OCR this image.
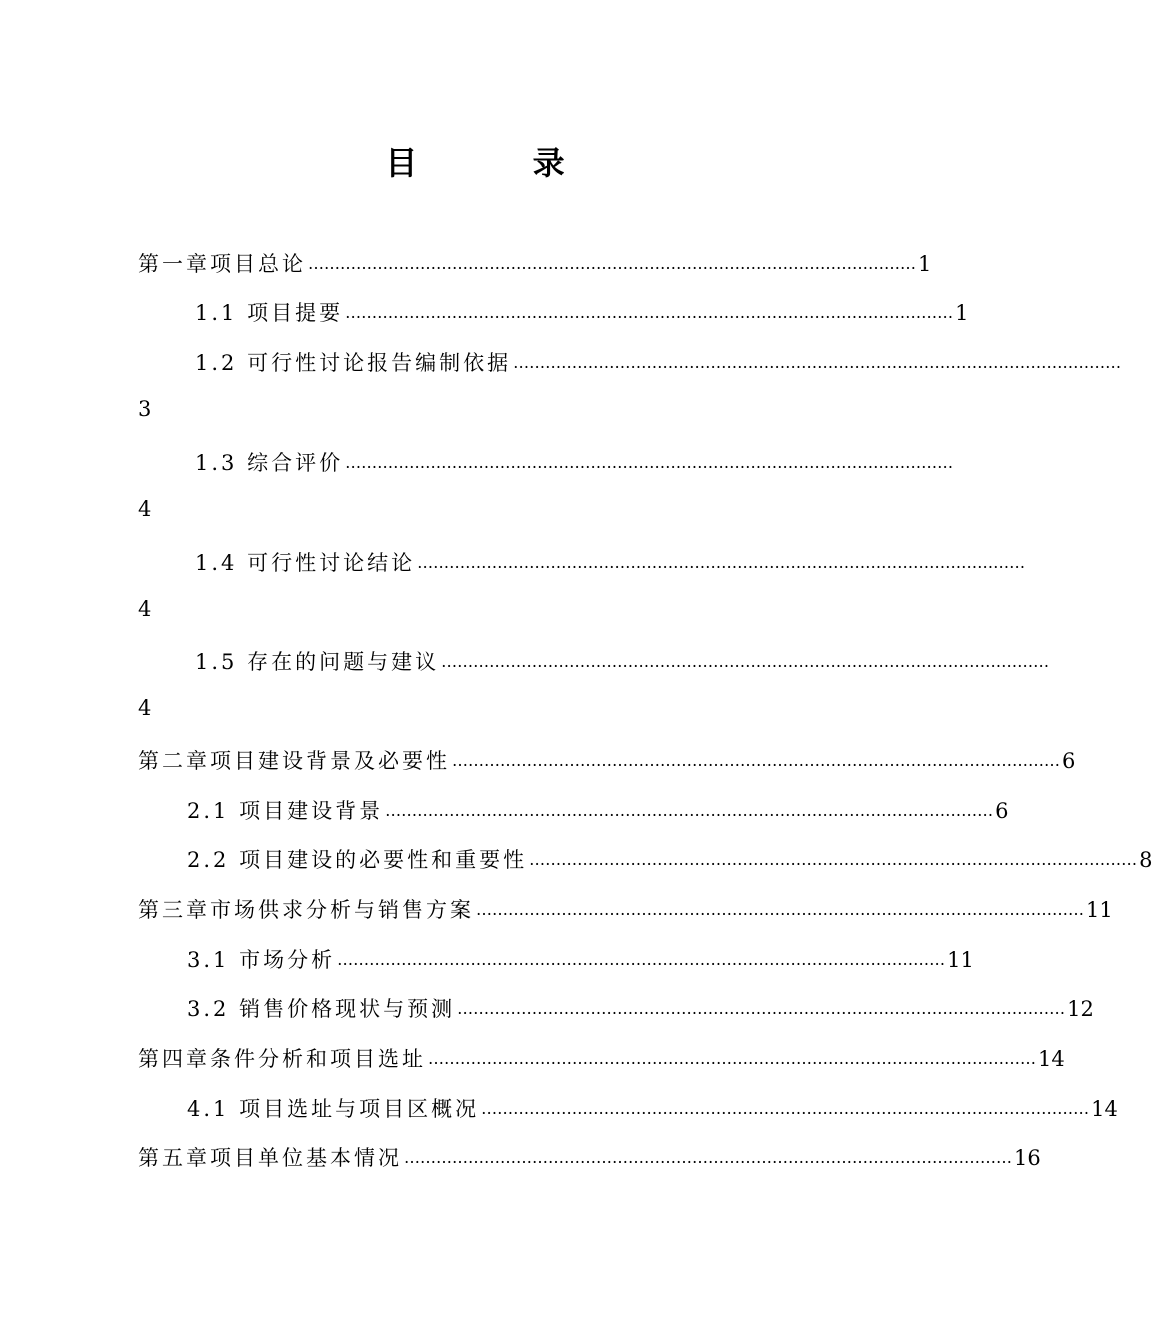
目 录
第一章 项目总论 …………………………………………………………………………………………………… 1
1.1 项目提要 …………………………………………………………………………………………………… 1
1.2 可行性讨论报告编制依据 ……………………………………………………………………………………………………
3
1.3 综合评价 ……………………………………………………………………………………………………
4
1.4 可行性讨论结论 ……………………………………………………………………………………………………
4
1.5 存在的问题与建议 ……………………………………………………………………………………………………
4
第二章 项目建设背景及必要性 …………………………………………………………………………………………………… 6
2.1 项目建设背景 …………………………………………………………………………………………………… 6
2.2 项目建设的必要性和重要性 …………………………………………………………………………………………………… 8
第三章 市场供求分析与销售方案 …………………………………………………………………………………………………… 11
3.1 市场分析 …………………………………………………………………………………………………… 11
3.2 销售价格现状与预测 …………………………………………………………………………………………………… 12
第四章 条件分析和项目选址 …………………………………………………………………………………………………… 14
4.1 项目选址与项目区概况 …………………………………………………………………………………………………… 14
第五章 项目单位基本情况 …………………………………………………………………………………………………… 16
